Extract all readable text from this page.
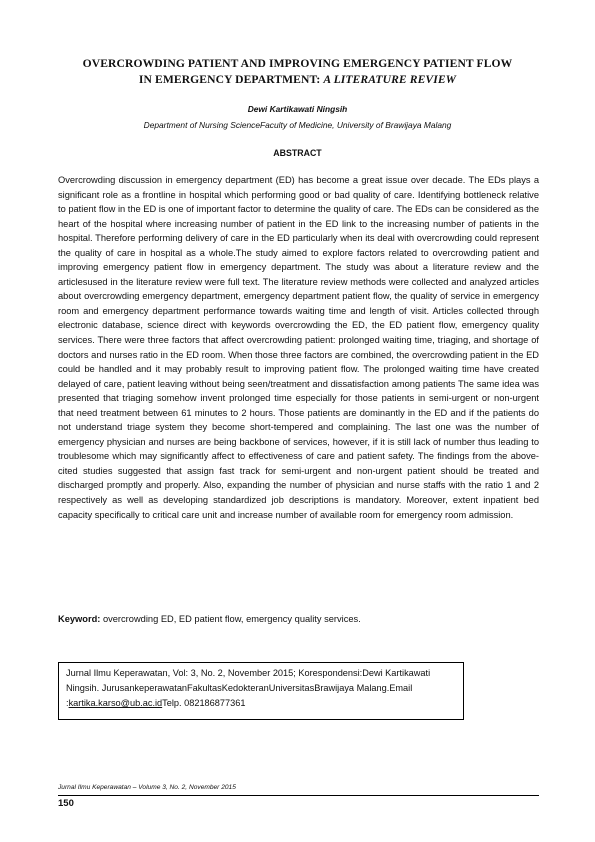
OVERCROWDING PATIENT AND IMPROVING EMERGENCY PATIENT FLOW
IN EMERGENCY DEPARTMENT: A LITERATURE REVIEW
Dewi Kartikawati Ningsih
Department of Nursing ScienceFaculty of Medicine, University of Brawijaya Malang
ABSTRACT

Overcrowding discussion in emergency department (ED) has become a great issue over decade. The EDs plays a significant role as a frontline in hospital which performing good or bad quality of care. Identifying bottleneck relative to patient flow in the ED is one of important factor to determine the quality of care. The EDs can be considered as the heart of the hospital where increasing number of patient in the ED link to the increasing number of patients in the hospital. Therefore performing delivery of care in the ED particularly when its deal with overcrowding could represent the quality of care in hospital as a whole.The study aimed to explore factors related to overcrowding patient and improving emergency patient flow in emergency department. The study was about a literature review and the articlesused in the literature review were full text. The literature review methods were collected and analyzed articles about overcrowding emergency department, emergency department patient flow, the quality of service in emergency room and emergency department performance towards waiting time and length of visit. Articles collected through electronic database, science direct with keywords overcrowding the ED, the ED patient flow, emergency quality services. There were three factors that affect overcrowding patient: prolonged waiting time, triaging, and shortage of doctors and nurses ratio in the ED room. When those three factors are combined, the overcrowding patient in the ED could be handled and it may probably result to improving patient flow. The prolonged waiting time have created delayed of care, patient leaving without being seen/treatment and dissatisfaction among patients The same idea was presented that triaging somehow invent prolonged time especially for those patients in semi-urgent or non-urgent that need treatment between 61 minutes to 2 hours. Those patients are dominantly in the ED and if the patients do not understand triage system they become short-tempered and complaining. The last one was the number of emergency physician and nurses are being backbone of services, however, if it is still lack of number thus leading to troublesome which may significantly affect to effectiveness of care and patient safety. The findings from the above-cited studies suggested that assign fast track for semi-urgent and non-urgent patient should be treated and discharged promptly and properly. Also, expanding the number of physician and nurse staffs with the ratio 1 and 2 respectively as well as developing standardized job descriptions is mandatory. Moreover, extent inpatient bed capacity specifically to critical care unit and increase number of available room for emergency room admission.

Keyword: overcrowding ED, ED patient flow, emergency quality services.

Jurnal Ilmu Keperawatan, Vol: 3, No. 2, November 2015; Korespondensi:Dewi Kartikawati
Ningsih. JurusankeperawatanFakultasKedokteranUniversitasBrawijaya Malang.Email
:kartika.karso@ub.ac.idTelp. 082186877361
Jurnal Ilmu Keperawatan – Volume 3, No. 2, November 2015
150
